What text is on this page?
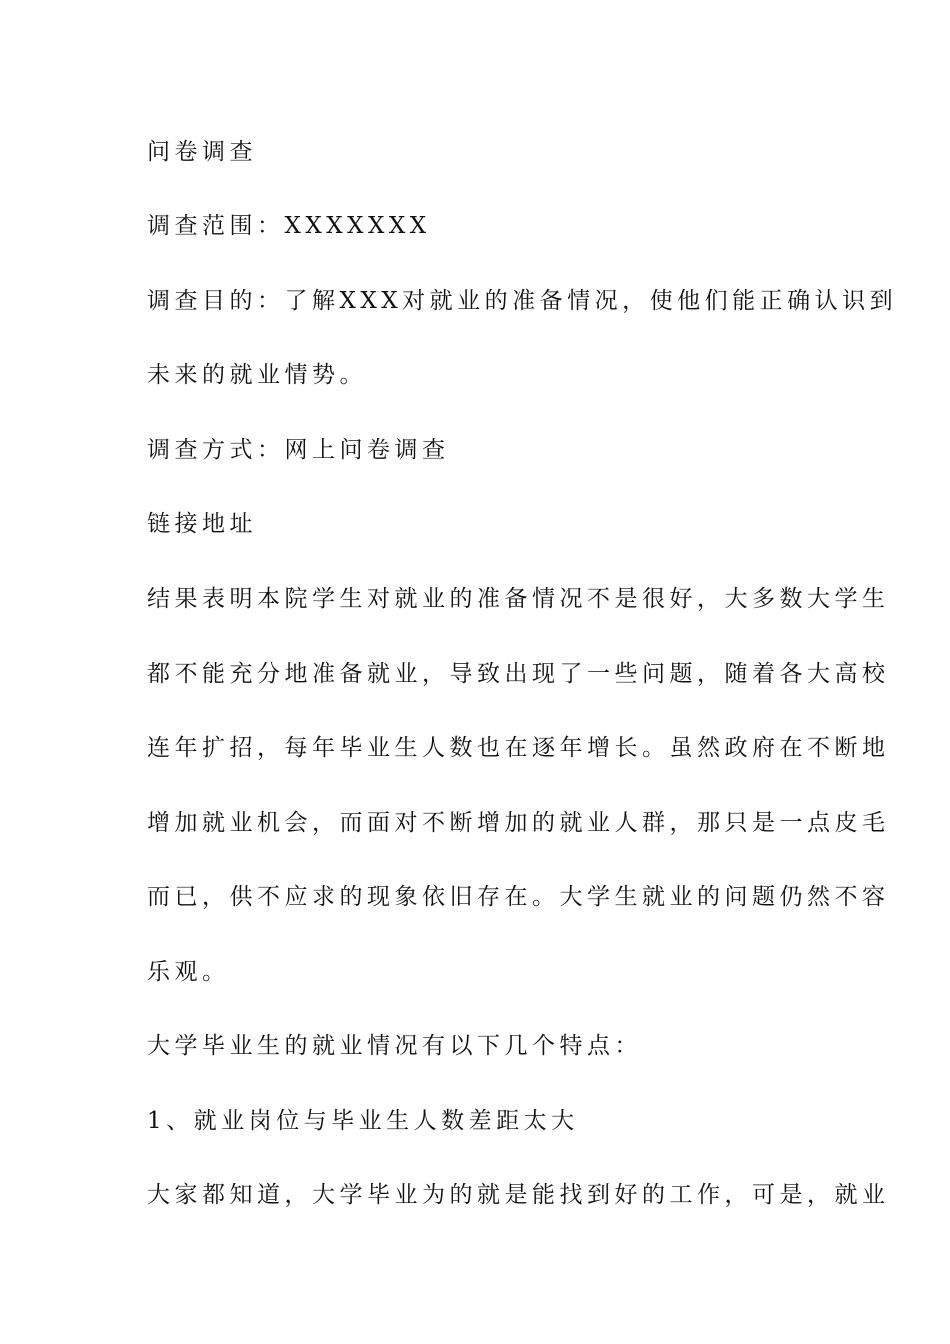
问卷调查
调查范围：XXXXXXX
调查目的：了解XXX对就业的准备情况，使他们能正确认识到
未来的就业情势。
调查方式：网上问卷调查
链接地址
结果表明本院学生对就业的准备情况不是很好，大多数大学生
都不能充分地准备就业，导致出现了一些问题，随着各大高校
连年扩招，每年毕业生人数也在逐年增长。虽然政府在不断地
增加就业机会，而面对不断增加的就业人群，那只是一点皮毛
而已，供不应求的现象依旧存在。大学生就业的问题仍然不容
乐观。
大学毕业生的就业情况有以下几个特点：
1、就业岗位与毕业生人数差距太大
大家都知道，大学毕业为的就是能找到好的工作，可是，就业
